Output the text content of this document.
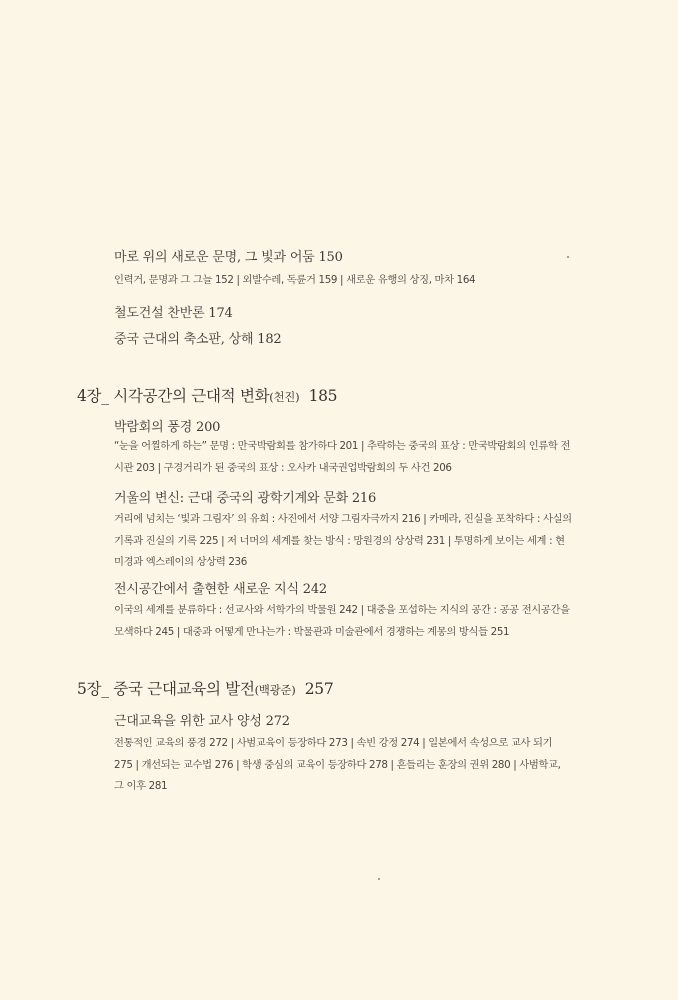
마로 위의 새로운 문명, 그 빛과 어둠 150
인력거, 문명과 그 그늘 152 | 외발수레, 독륜거 159 | 새로운 유행의 상징, 마차 164
철도건설 찬반론 174
중국 근대의 축소판, 상해 182
4장_ 시각공간의 근대적 변화(천진) 185
박람회의 풍경 200
“눈을 어찔하게 하는” 문명 : 만국박람회를 참가하다 201 | 추락하는 중국의 표상 : 만국박람회의 인류학 전
시관 203 | 구경거리가 된 중국의 표상 : 오사카 내국권업박람회의 두 사건 206
거울의 변신: 근대 중국의 광학기계와 문화 216
거리에 넘치는 ‘빛과 그림자’ 의 유희 : 사진에서 서양 그림자극까지 216 | 카메라, 진실을 포착하다 : 사실의
기록과 진실의 기록 225 | 저 너머의 세계를 찾는 방식 : 망원경의 상상력 231 | 투명하게 보이는 세계 : 현
미경과 엑스레이의 상상력 236
전시공간에서 출현한 새로운 지식 242
이국의 세계를 분류하다 : 선교사와 서학가의 박물원 242 | 대중을 포섭하는 지식의 공간 : 공공 전시공간을
모색하다 245 | 대중과 어떻게 만나는가 : 박물관과 미술관에서 경쟁하는 계몽의 방식들 251
5장_ 중국 근대교육의 발전(백광준) 257
근대교육을 위한 교사 양성 272
전통적인 교육의 풍경 272 | 사범교육이 등장하다 273 | 속빈 강정 274 | 일본에서 속성으로 교사 되기
275 | 개선되는 교수법 276 | 학생 중심의 교육이 등장하다 278 | 흔들리는 훈장의 권위 280 | 사범학교,
그 이후 281
